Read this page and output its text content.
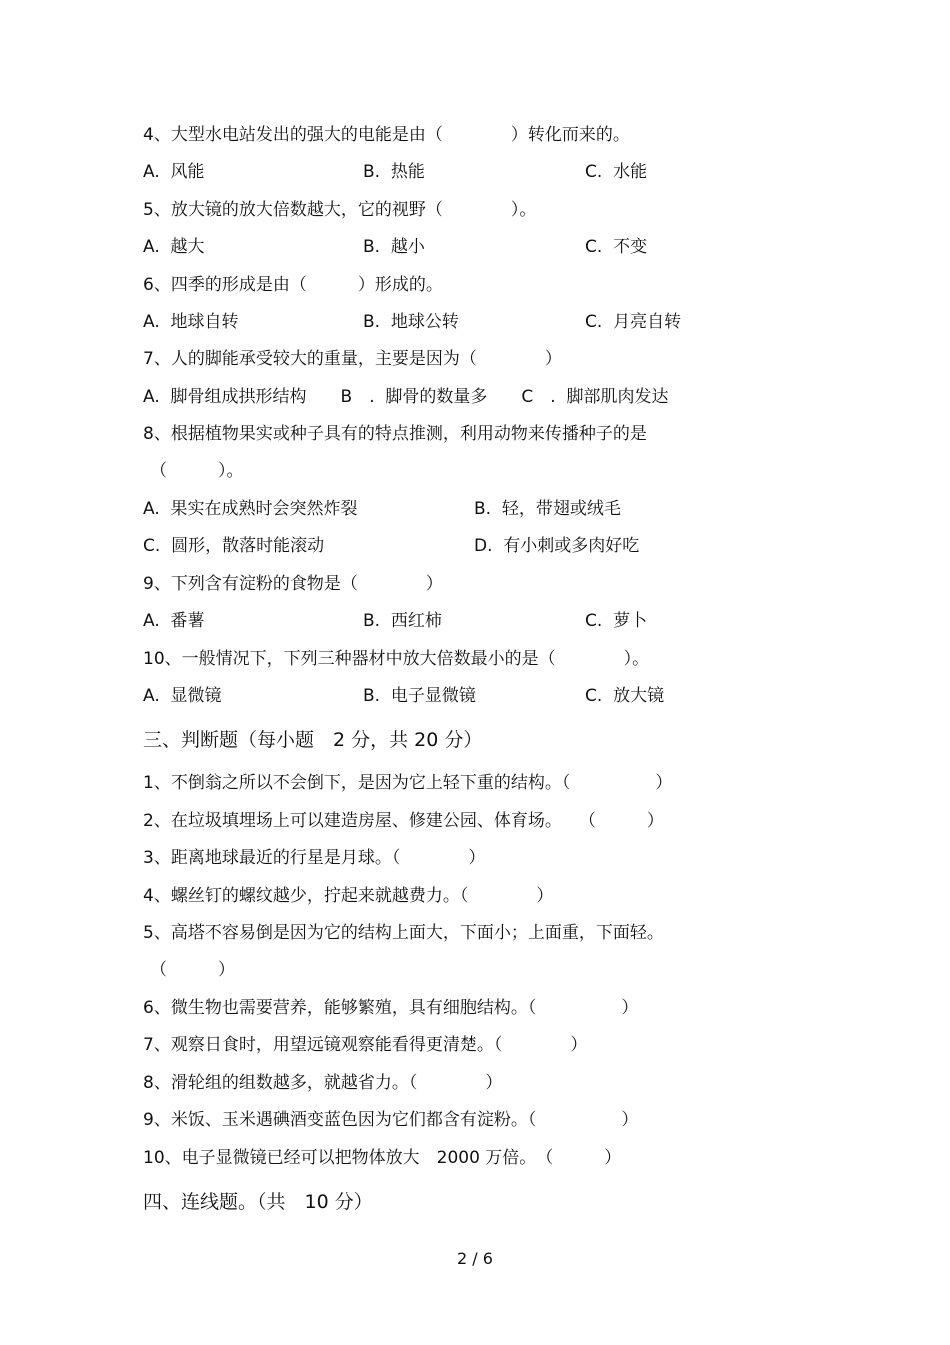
4、大型水电站发出的强大的电能是由（　　　　）转化而来的。
A.  风能	B.  热能	C.  水能
5、放大镜的放大倍数越大，它的视野（　　　　）。
A.  越大	B.  越小	C.  不变
6、四季的形成是由（　　　）形成的。
A.  地球自转	B.  地球公转	C.  月亮自转
7、人的脚能承受较大的重量，主要是因为（　　　　）
A.  脚骨组成拱形结构　　B　.  脚骨的数量多　　C　.  脚部肌肉发达
8、根据植物果实或种子具有的特点推测，利用动物来传播种子的是
（　　　）。
A.  果实在成熟时会突然炸裂	B.  轻，带翅或绒毛
C.  圆形，散落时能滚动	D.  有小刺或多肉好吃
9、下列含有淀粉的食物是（　　　　）
A.  番薯	B.  西红柿	C.  萝卜
10、一般情况下，下列三种器材中放大倍数最小的是（　　　　）。
A.  显微镜	B.  电子显微镜	C.  放大镜
三、判断题（每小题　2 分，共 20 分）
1、不倒翁之所以不会倒下，是因为它上轻下重的结构。（　　　　　）
2、在垃圾填埋场上可以建造房屋、修建公园、体育场。　　（　　　）
3、距离地球最近的行星是月球。（　　　　）
4、螺丝钉的螺纹越少，拧起来就越费力。（　　　　）
5、高塔不容易倒是因为它的结构上面大，下面小；上面重，下面轻。
（　　　）
6、微生物也需要营养，能够繁殖，具有细胞结构。（　　　　　）
7、观察日食时，用望远镜观察能看得更清楚。（　　　　）
8、滑轮组的组数越多，就越省力。（　　　　）
9、米饭、玉米遇碘酒变蓝色因为它们都含有淀粉。（　　　　　）
10、电子显微镜已经可以把物体放大　2000 万倍。　（　　　）
四、连线题。（共　10 分）
2 / 6
